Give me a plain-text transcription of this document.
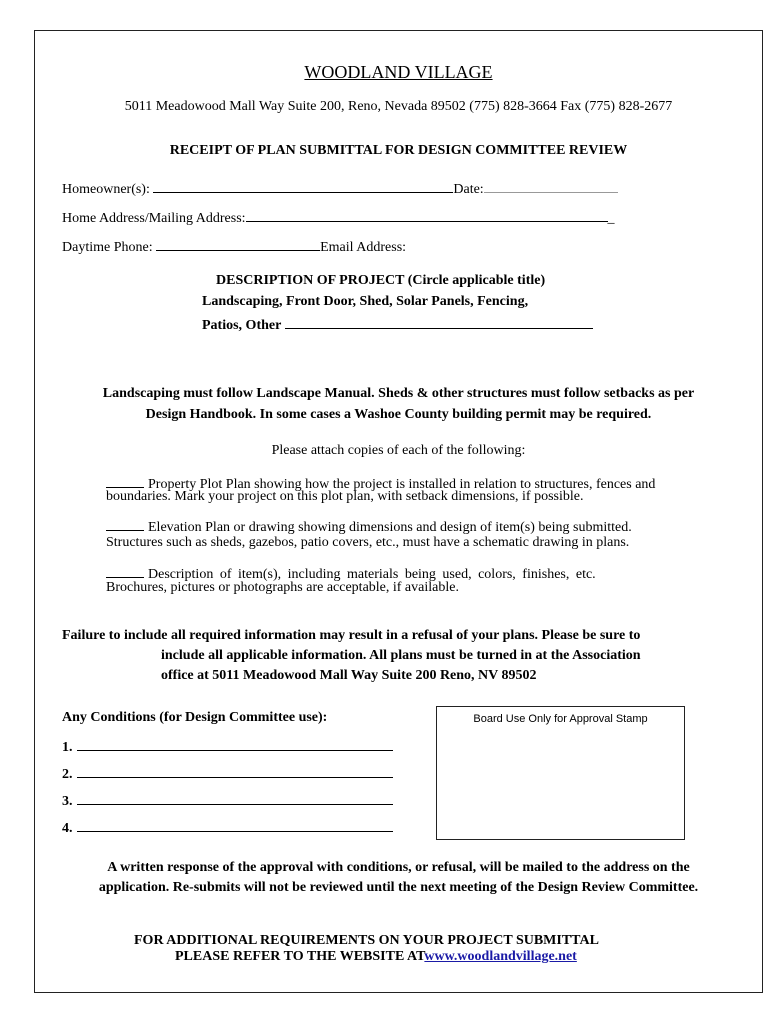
WOODLAND VILLAGE
5011 Meadowood Mall Way Suite 200, Reno, Nevada 89502 (775) 828-3664 Fax (775) 828-2677
RECEIPT OF PLAN SUBMITTAL FOR DESIGN COMMITTEE REVIEW
Homeowner(s):	Date:
Home Address/Mailing Address:	_
Daytime Phone:	Email Address:
DESCRIPTION OF PROJECT (Circle applicable title)
Landscaping, Front Door, Shed, Solar Panels, Fencing,
Patios, Other
Landscaping must follow Landscape Manual. Sheds & other structures must follow setbacks as per
Design Handbook. In some cases a Washoe County building permit may be required.
Please attach copies of each of the following:
Property Plot Plan showing how the project is installed in relation to structures, fences and
boundaries. Mark your project on this plot plan, with setback dimensions, if possible.
Elevation Plan or drawing showing dimensions and design of item(s) being submitted.
Structures such as sheds, gazebos, patio covers, etc., must have a schematic drawing in plans.
Description of item(s), including materials being used, colors, finishes, etc.
Brochures, pictures or photographs are acceptable, if available.
Failure to include all required information may result in a refusal of your plans. Please be sure to
include all applicable information. All plans must be turned in at the Association
office at 5011 Meadowood Mall Way Suite 200 Reno, NV 89502
Any Conditions (for Design Committee use):
1.
2.
3.
4.
Board Use Only for Approval Stamp
A written response of the approval with conditions, or refusal, will be mailed to the address on the
application. Re-submits will not be reviewed until the next meeting of the Design Review Committee.
FOR ADDITIONAL REQUIREMENTS ON YOUR PROJECT SUBMITTAL
PLEASE REFER TO THE WEBSITE ATwww.woodlandvillage.net
